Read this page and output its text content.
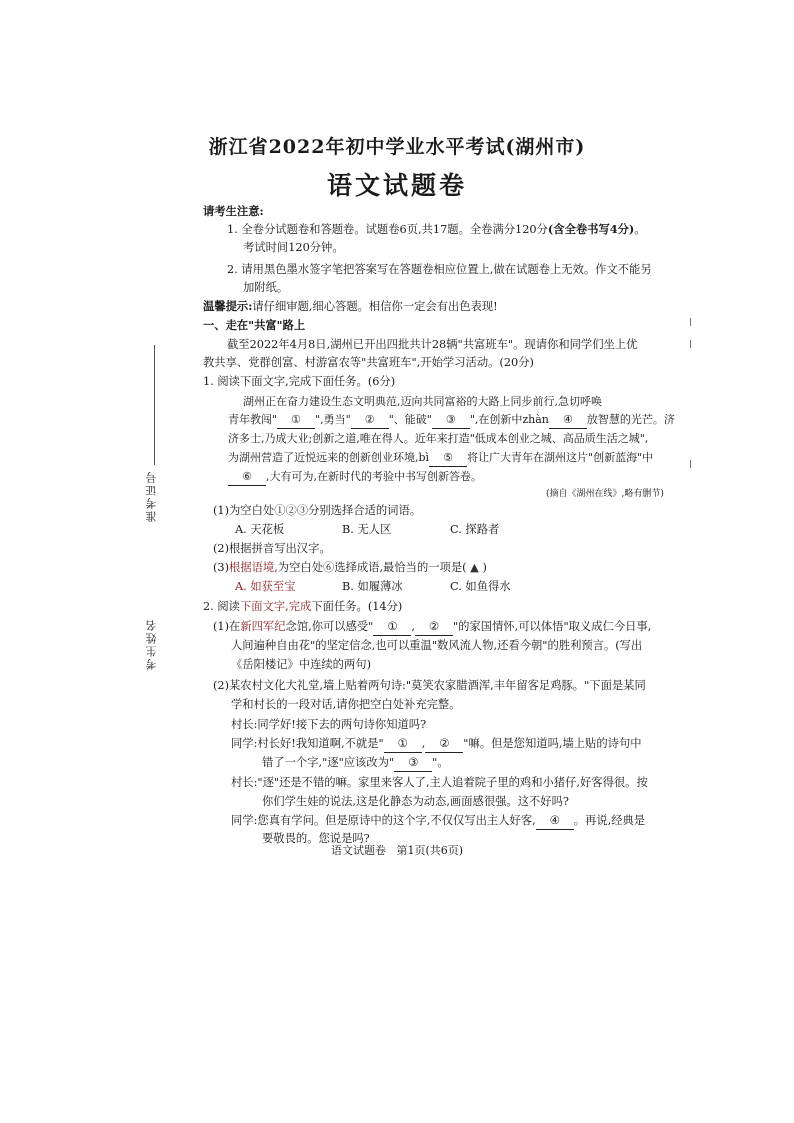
浙江省2022年初中学业水平考试(湖州市)
语文试题卷
准考证号
考生姓名
请考生注意:
1. 全卷分试题卷和答题卷。试题卷6页,共17题。全卷满分120分(含全卷书写4分)。
考试时间120分钟。
2. 请用黑色墨水签字笔把答案写在答题卷相应位置上,做在试题卷上无效。作文不能另
加附纸。
温馨提示:请仔细审题,细心答题。相信你一定会有出色表现!
一、走在"共富"路上
截至2022年4月8日,湖州已开出四批共计28辆"共富班车"。现请你和同学们坐上优
教共享、党群创富、村游富农等"共富班车",开始学习活动。(20分)
1. 阅读下面文字,完成下面任务。(6分)
湖州正在奋力建设生态文明典范,迈向共同富裕的大路上同步前行,急切呼唤
青年教闯" ① ",勇当" ② "、能破" ③ ",在创新中zhàn ④ 放智慧的光芒。济
济多士,乃成大业;创新之道,唯在得人。近年来打造"低成本创业之城、高品质生活之城",
为湖州营造了近悦远来的创新创业环境,bì ⑤ 将让广大青年在湖州这片"创新蓝海"中
⑥ ,大有可为,在新时代的考验中书写创新答卷。
(摘自《湖州在线》,略有删节)
(1)为空白处①②③分别选择合适的词语。
A. 天花板	B. 无人区	C. 探路者
(2)根据拼音写出汉字。
(3)根据语境,为空白处⑥选择成语,最恰当的一项是( ▲ )
A. 如获至宝	B. 如履薄冰	C. 如鱼得水
2. 阅读下面文字,完成下面任务。(14分)
(1)在新四军纪念馆,你可以感受" ① , ② "的家国情怀,可以体悟"取义成仁今日事,
人间遍种自由花"的坚定信念,也可以重温"数风流人物,还看今朝"的胜利预言。(写出
《岳阳楼记》中连续的两句)
(2)某农村文化大礼堂,墙上贴着两句诗:"莫笑农家腊酒浑,丰年留客足鸡豚。"下面是某同
学和村长的一段对话,请你把空白处补充完整。
村长:同学好!接下去的两句诗你知道吗?
同学:村长好!我知道啊,不就是" ① , ② "嘛。但是您知道吗,墙上贴的诗句中
错了一个字,"逐"应该改为" ③ "。
村长:"逐"还是不错的嘛。家里来客人了,主人追着院子里的鸡和小猪仔,好客得很。按
你们学生娃的说法,这是化静态为动态,画面感很强。这不好吗?
同学:您真有学问。但是原诗中的这个字,不仅仅写出主人好客, ④ 。再说,经典是
要敬畏的。您说是吗?
语文试题卷   第1页(共6页)
